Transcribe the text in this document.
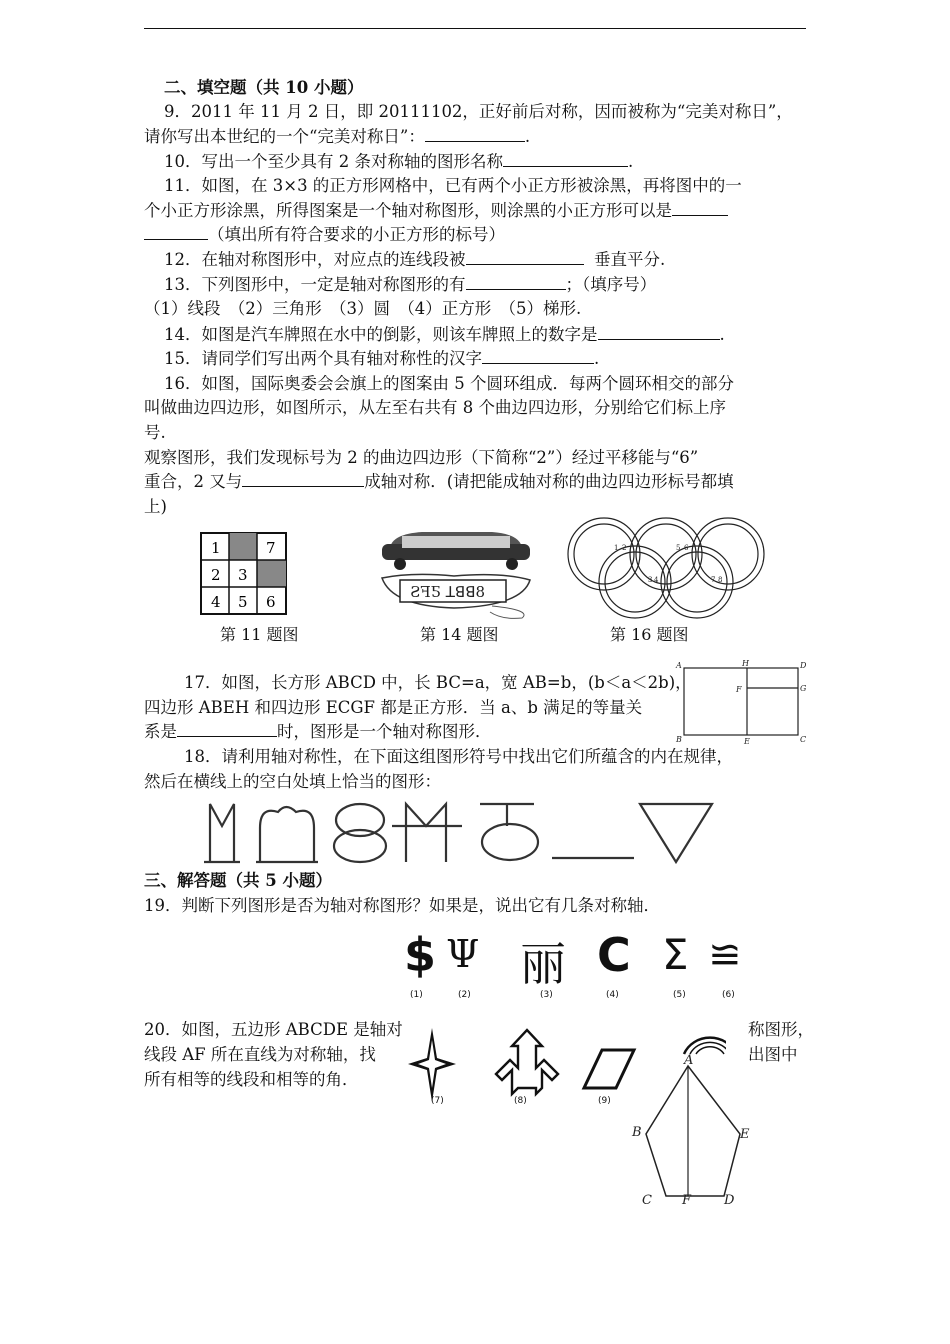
二、填空题（共 10 小题）
9．2011 年 11 月 2 日，即 20111102，正好前后对称，因而被称为“完美对称日”，
请你写出本世纪的一个“完美对称日”：	.
10．写出一个至少具有 2 条对称轴的图形名称	.
11．如图，在 3×3 的正方形网格中，已有两个小正方形被涂黑，再将图中的一
个小正方形涂黑，所得图案是一个轴对称图形，则涂黑的小正方形可以是
（填出所有符合要求的小正方形的标号）
12．在轴对称图形中，对应点的连线段被	垂直平分.
13．下列图形中，一定是轴对称图形的有	；（填序号）
（1）线段　（2）三角形　（3）圆　（4）正方形　（5）梯形.
14．如图是汽车牌照在水中的倒影，则该车牌照上的数字是	.
15．请同学们写出两个具有轴对称性的汉字	.
16．如图，国际奥委会会旗上的图案由 5 个圆环组成．每两个圆环相交的部分
叫做曲边四边形，如图所示，从左至右共有 8 个曲边四边形，分别给它们标上序
号.
观察图形，我们发现标号为 2 的曲边四边形（下简称“2”）经过平移能与“6”
重合，2 又与	成轴对称．(请把能成轴对称的曲边四边形标号都填
上)
1	7
2 3
4 5 6
ƧꟻƼ ꓕꓭꓭ8
1 2
3 4
5 6
7 8
第 11 题图	第 14 题图	第 16 题图
17．如图，长方形 ABCD 中，长 BC=a，宽 AB=b，(b＜a＜2b)，
四边形 ABEH 和四边形 ECGF 都是正方形．当 a、b 满足的等量关
系是	时，图形是一个轴对称图形．
A	H	D
F	G
B	E	C
18．请利用轴对称性，在下面这组图形符号中找出它们所蕴含的内在规律，
然后在横线上的空白处填上恰当的图形：
三、解答题（共 5 小题）
19．判断下列图形是否为轴对称图形？如果是，说出它有几条对称轴．
$ Ψ 丽 C Σ ≌
(1)	(2)	(3)	(4)	(5)	(6)
20．如图，五边形 ABCDE 是轴对	称图形，
线段 AF 所在直线为对称轴，找	出图中
所有相等的线段和相等的角．
(7)	(8)	(9)
A
B
C	D
E
F
